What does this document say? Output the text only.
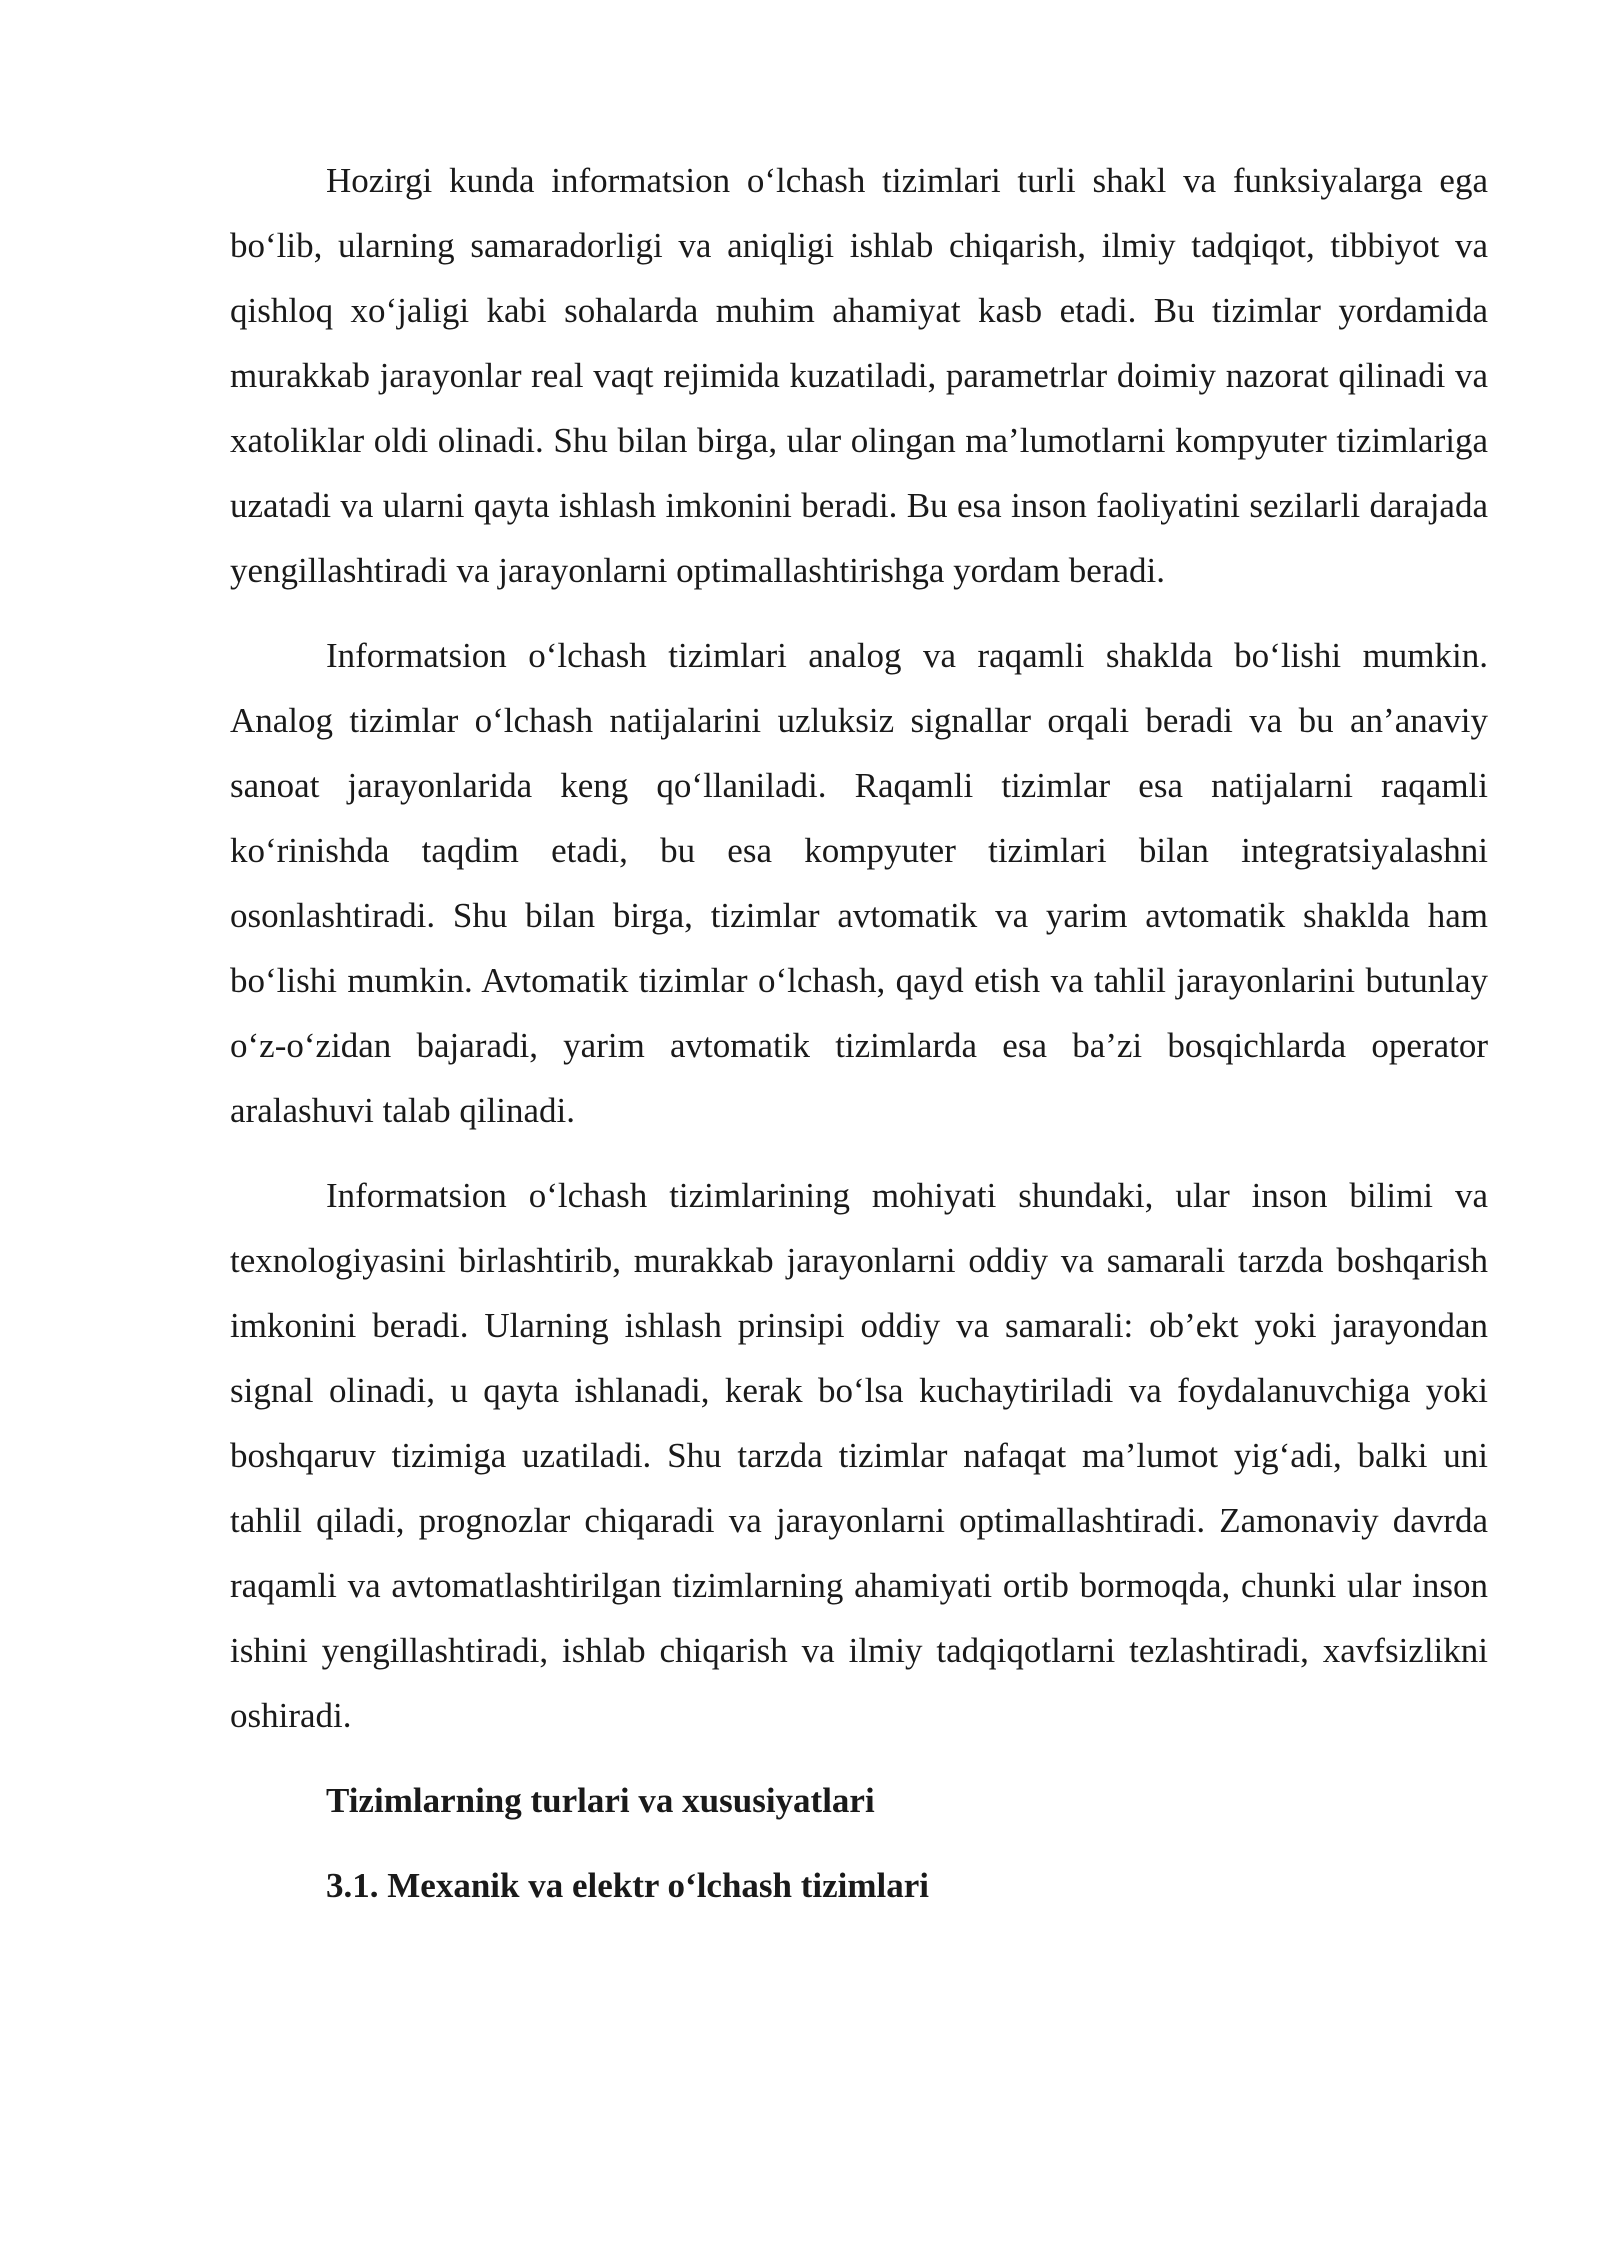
Hozirgi kunda informatsion o‘lchash tizimlari turli shakl va funksiyalarga ega bo‘lib, ularning samaradorligi va aniqligi ishlab chiqarish, ilmiy tadqiqot, tibbiyot va qishloq xo‘jaligi kabi sohalarda muhim ahamiyat kasb etadi. Bu tizimlar yordamida murakkab jarayonlar real vaqt rejimida kuzatiladi, parametrlar doimiy nazorat qilinadi va xatoliklar oldi olinadi. Shu bilan birga, ular olingan ma’lumotlarni kompyuter tizimlariga uzatadi va ularni qayta ishlash imkonini beradi. Bu esa inson faoliyatini sezilarli darajada yengillashtiradi va jarayonlarni optimallashtirishga yordam beradi.

Informatsion o‘lchash tizimlari analog va raqamli shaklda bo‘lishi mumkin. Analog tizimlar o‘lchash natijalarini uzluksiz signallar orqali beradi va bu an’anaviy sanoat jarayonlarida keng qo‘llaniladi. Raqamli tizimlar esa natijalarni raqamli ko‘rinishda taqdim etadi, bu esa kompyuter tizimlari bilan integratsiyalashni osonlashtiradi. Shu bilan birga, tizimlar avtomatik va yarim avtomatik shaklda ham bo‘lishi mumkin. Avtomatik tizimlar o‘lchash, qayd etish va tahlil jarayonlarini butunlay o‘z-o‘zidan bajaradi, yarim avtomatik tizimlarda esa ba’zi bosqichlarda operator aralashuvi talab qilinadi.

Informatsion o‘lchash tizimlarining mohiyati shundaki, ular inson bilimi va texnologiyasini birlashtirib, murakkab jarayonlarni oddiy va samarali tarzda boshqarish imkonini beradi. Ularning ishlash prinsipi oddiy va samarali: ob’ekt yoki jarayondan signal olinadi, u qayta ishlanadi, kerak bo‘lsa kuchaytiriladi va foydalanuvchiga yoki boshqaruv tizimiga uzatiladi. Shu tarzda tizimlar nafaqat ma’lumot yig‘adi, balki uni tahlil qiladi, prognozlar chiqaradi va jarayonlarni optimallashtiradi. Zamonaviy davrda raqamli va avtomatlashtirilgan tizimlarning ahamiyati ortib bormoqda, chunki ular inson ishini yengillashtiradi, ishlab chiqarish va ilmiy tadqiqotlarni tezlashtiradi, xavfsizlikni oshiradi.

Tizimlarning turlari va xususiyatlari
3.1. Mexanik va elektr o‘lchash tizimlari
